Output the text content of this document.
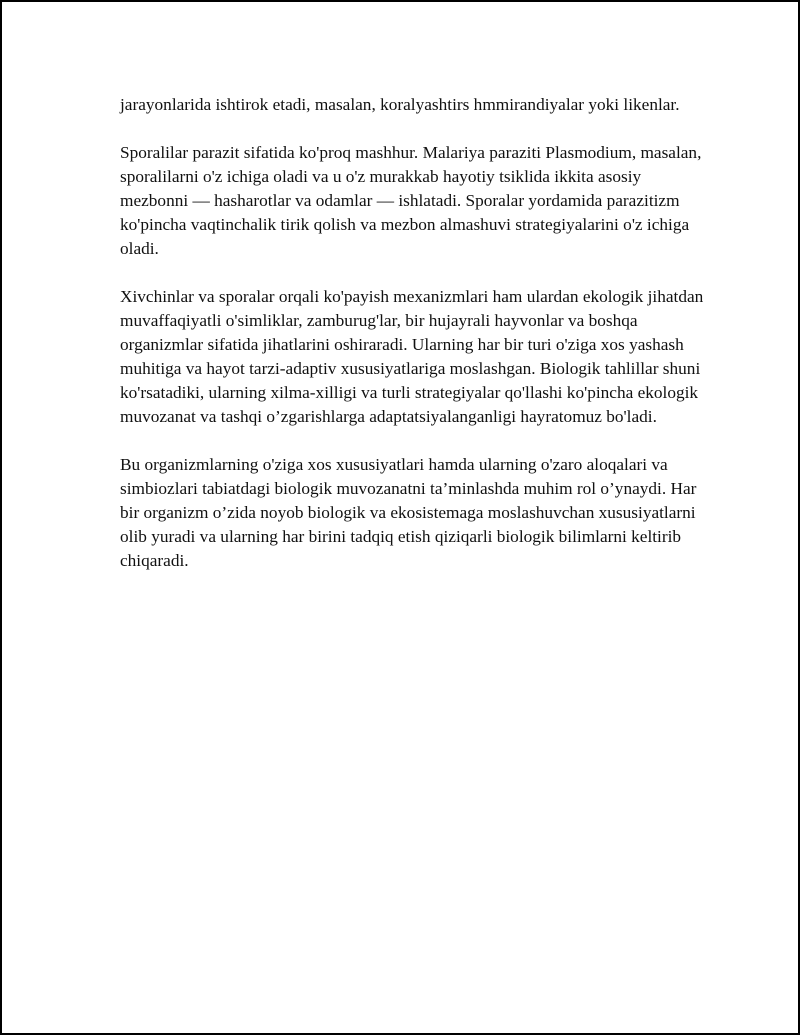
jarayonlarida ishtirok etadi, masalan, koralyashtirs hmmirandiyalar yoki likenlar.

Sporalilar parazit sifatida ko'proq mashhur. Malariya paraziti Plasmodium, masalan, sporalilarni o'z ichiga oladi va u o'z murakkab hayotiy tsiklida ikkita asosiy mezbonni — hasharotlar va odamlar — ishlatadi. Sporalar yordamida parazitizm ko'pincha vaqtinchalik tirik qolish va mezbon almashuvi strategiyalarini o'z ichiga oladi.

Xivchinlar va sporalar orqali ko'payish mexanizmlari ham ulardan ekologik jihatdan muvaffaqiyatli o'simliklar, zamburug'lar, bir hujayrali hayvonlar va boshqa organizmlar sifatida jihatlarini oshiraradi. Ularning har bir turi o'ziga xos yashash muhitiga va hayot tarzi-adaptiv xususiyatlariga moslashgan. Biologik tahlillar shuni ko'rsatadiki, ularning xilma-xilligi va turli strategiyalar qo'llashi ko'pincha ekologik muvozanat va tashqi o’zgarishlarga adaptatsiyalanganligi hayratomuz bo'ladi.

Bu organizmlarning o'ziga xos xususiyatlari hamda ularning o'zaro aloqalari va simbiozlari tabiatdagi biologik muvozanatni ta’minlashda muhim rol o’ynaydi. Har bir organizm o’zida noyob biologik va ekosistemaga moslashuvchan xususiyatlarni olib yuradi va ularning har birini tadqiq etish qiziqarli biologik bilimlarni keltirib chiqaradi.
